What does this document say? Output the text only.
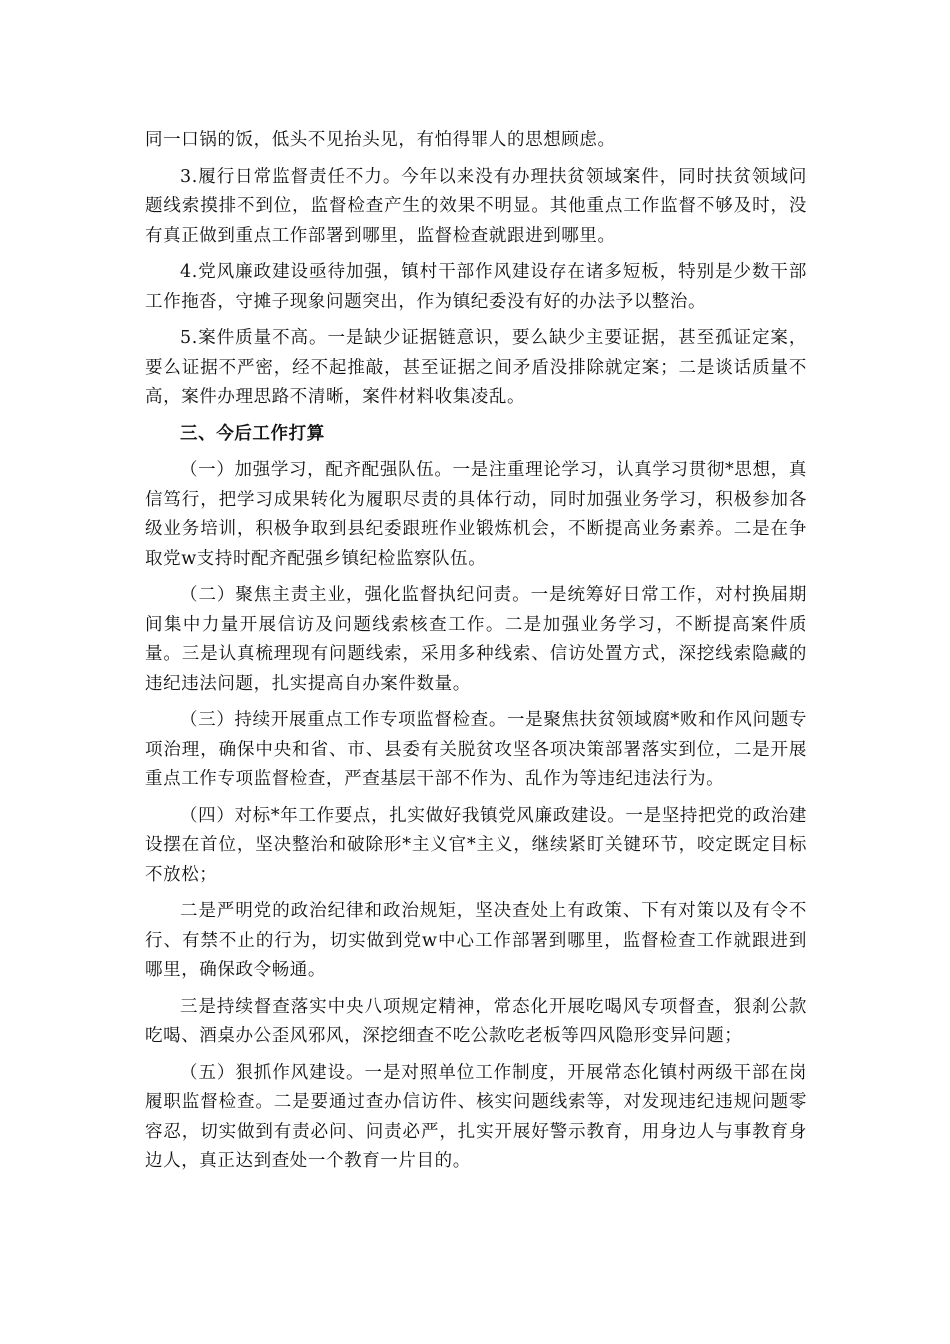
同一口锅的饭，低头不见抬头见，有怕得罪人的思想顾虑。

3.履行日常监督责任不力。今年以来没有办理扶贫领域案件，同时扶贫领域问题线索摸排不到位，监督检查产生的效果不明显。其他重点工作监督不够及时，没有真正做到重点工作部署到哪里，监督检查就跟进到哪里。

4.党风廉政建设亟待加强，镇村干部作风建设存在诸多短板，特别是少数干部工作拖沓，守摊子现象问题突出，作为镇纪委没有好的办法予以整治。

5.案件质量不高。一是缺少证据链意识，要么缺少主要证据，甚至孤证定案，要么证据不严密，经不起推敲，甚至证据之间矛盾没排除就定案；二是谈话质量不高，案件办理思路不清晰，案件材料收集凌乱。

三、今后工作打算

（一）加强学习，配齐配强队伍。一是注重理论学习，认真学习贯彻*思想，真信笃行，把学习成果转化为履职尽责的具体行动，同时加强业务学习，积极参加各级业务培训，积极争取到县纪委跟班作业锻炼机会，不断提高业务素养。二是在争取党w支持时配齐配强乡镇纪检监察队伍。

（二）聚焦主责主业，强化监督执纪问责。一是统筹好日常工作，对村换届期间集中力量开展信访及问题线索核查工作。二是加强业务学习，不断提高案件质量。三是认真梳理现有问题线索，采用多种线索、信访处置方式，深挖线索隐藏的违纪违法问题，扎实提高自办案件数量。

（三）持续开展重点工作专项监督检查。一是聚焦扶贫领域腐*败和作风问题专项治理，确保中央和省、市、县委有关脱贫攻坚各项决策部署落实到位，二是开展重点工作专项监督检查，严查基层干部不作为、乱作为等违纪违法行为。

（四）对标*年工作要点，扎实做好我镇党风廉政建设。一是坚持把党的政治建设摆在首位，坚决整治和破除形*主义官*主义，继续紧盯关键环节，咬定既定目标不放松；

二是严明党的政治纪律和政治规矩，坚决查处上有政策、下有对策以及有令不行、有禁不止的行为，切实做到党w中心工作部署到哪里，监督检查工作就跟进到哪里，确保政令畅通。

三是持续督查落实中央八项规定精神，常态化开展吃喝风专项督查，狠刹公款吃喝、酒桌办公歪风邪风，深挖细查不吃公款吃老板等四风隐形变异问题；

（五）狠抓作风建设。一是对照单位工作制度，开展常态化镇村两级干部在岗履职监督检查。二是要通过查办信访件、核实问题线索等，对发现违纪违规问题零容忍，切实做到有责必问、问责必严，扎实开展好警示教育，用身边人与事教育身边人，真正达到查处一个教育一片目的。
